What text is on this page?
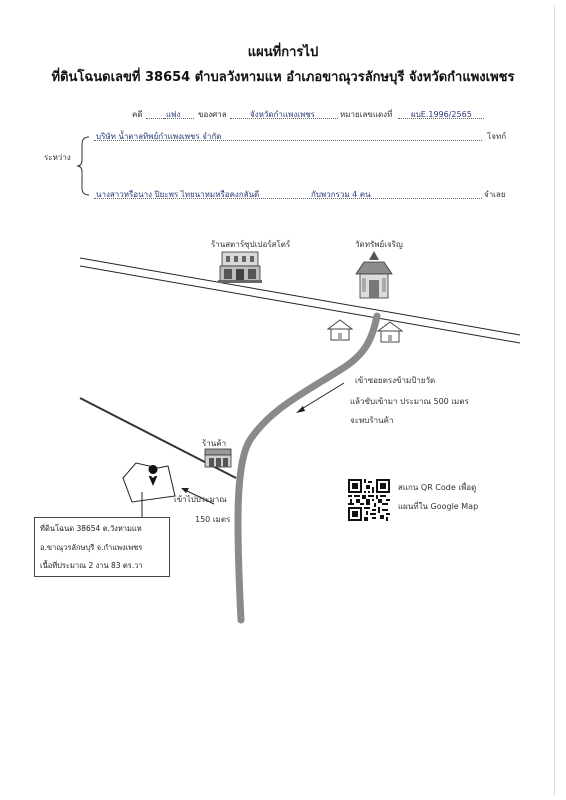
แผนที่การไป
ที่ดินโฉนดเลขที่ 38654 ตำบลวังหามแห อำเภอขาณุวรลักษบุรี จังหวัดกำแพงเพชร
คดี	แพ่ง ของศาล	จังหวัดกำแพงเพชร	หมายเลขแดงที่ ผบE.1996/2565
ระหว่าง
บริษัท น้ำตาลทิพย์กำแพงเพชร จำกัด	โจทก์
นางสาวหรือนาง ปิยะพร ไทยนาหมหรือคงกลันดี	กับพวกรวม 4 คน	จำเลย
ร้านสตาร์ซุปเปอร์สโตร์	วัดทรัพย์เจริญ
เข้าซอยตรงข้ามป้ายวัด
แล้วขับเข้ามา ประมาณ 500 เมตร
จะพบร้านค้า
ร้านค้า
เข้าไปประมาณ
150 เมตร
สแกน QR Code เพื่อดู
แผนที่ใน Google Map
ที่ดินโฉนด 38654 ต.วังหามแห
อ.ขาณุวรลักษบุรี จ.กำแพงเพชร
เนื้อที่ประมาณ 2 งาน 83 ตร.วา
